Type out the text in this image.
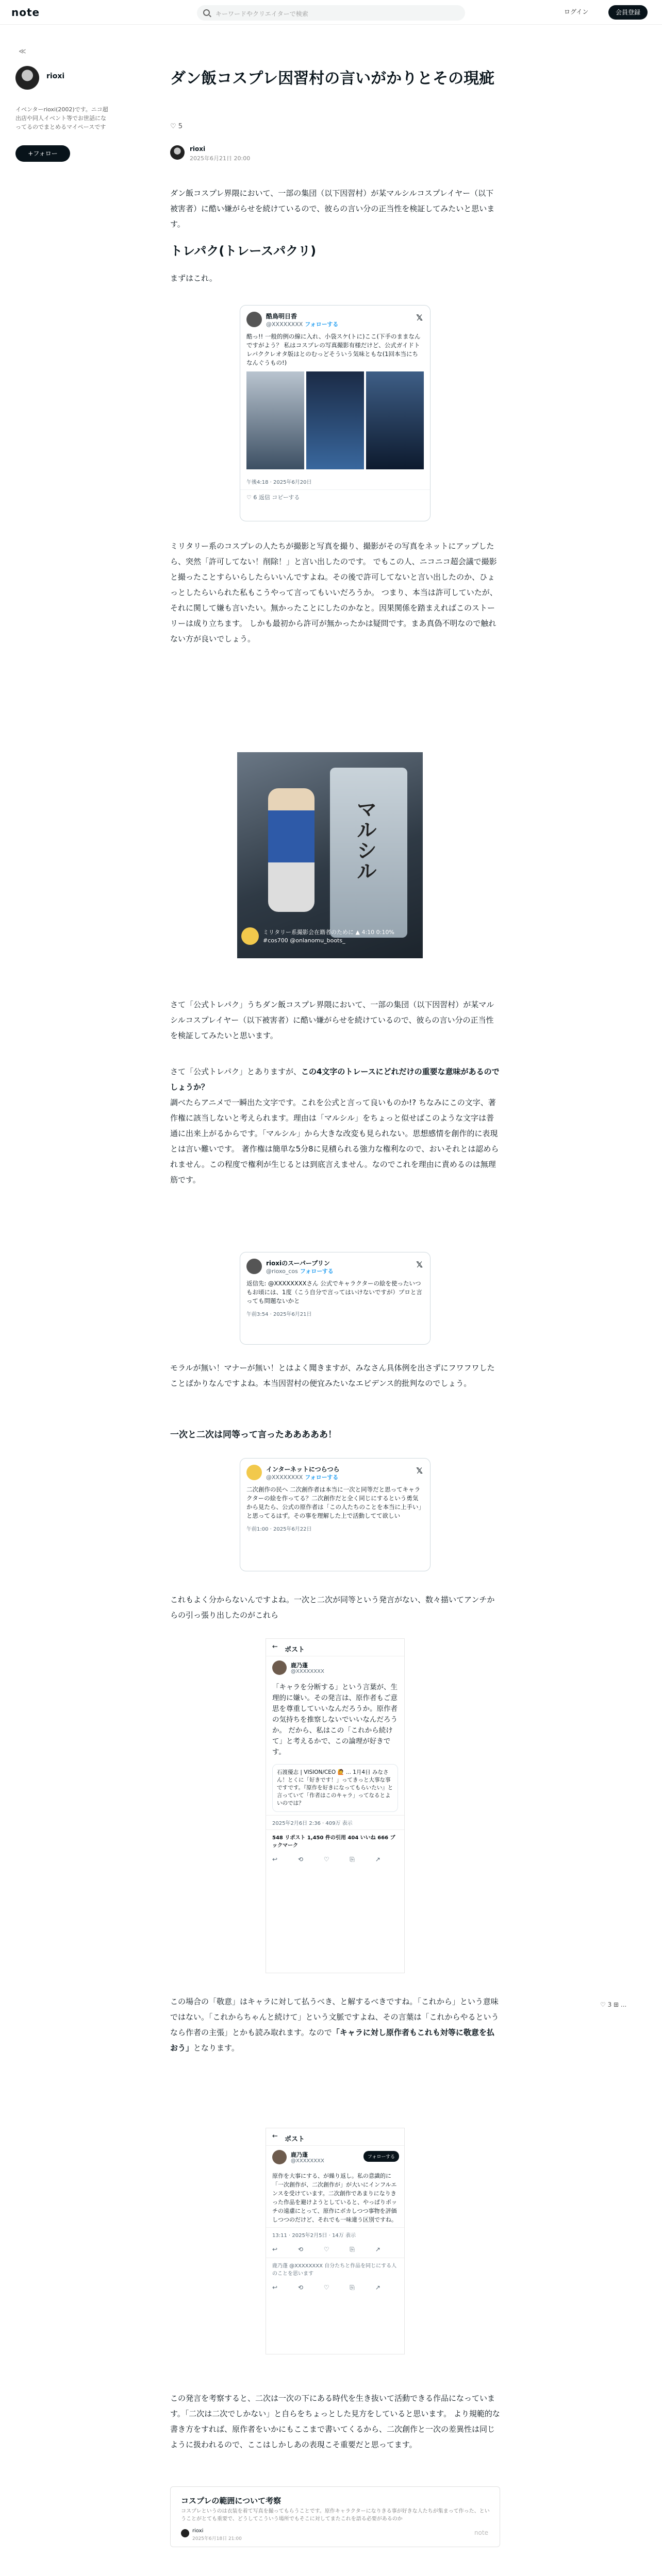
note	キーワードやクリエイターで検索	ログイン	会員登録
≪
rioxi
イベンターrioxi(2002)です。ニコ超出店や同人イベント等でお世話になってるのでまとめるマイペースです
+フォロー
♡ 3 ⊞ ...
ダン飯コスプレ因習村の言いがかりとその現疵
♡ 5
rioxi
2025年6月21日 20:00

ダン飯コスプレ界隈において、一部の集団（以下因習村）が某マルシルコスプレイヤー（以下被害者）に酷い嫌がらせを続けているので、彼らの言い分の正当性を検証してみたいと思います。

トレパク(トレースパクリ)

まずはこれ。

酷鳥明日香
@XXXXXXXX フォローする
𝕏
酷っ!! 一般的例の線に入れ、小袋スケ(トに)ここ(下手のままなんですがよう？ 私はコスプレの写真撮影有様だけど、公式ガイドトレパククレオタ版はとのむっどそういう気味ともな(1回本当にちなんぐうもの!)
午後4:18 · 2025年6月20日
♡ 6 返信 コピーする

ミリタリー系のコスプレの人たちが撮影と写真を撮り、撮影がその写真をネットにアップしたら、突然「許可してない！削除！」と言い出したのです。 でもこの人、ニコニコ超会議で撮影と撮ったことすらいらしたらいいんですよね。その後で許可してないと言い出したのか、ひょっとしたらいられた私もこうやって言ってもいいだろうか。 つまり、本当は許可していたが、それに関して嫌も言いたい。無かったことにしたのかなと。因果関係を踏まえればこのストーリーは成り立ちます。 しかも最初から許可が無かったかは疑問です。まあ真偽不明なので触れない方が良いでしょう。

マルシル
ミリタリー系撮影会在籍者のために ▲ 4:10 0:10% #cos700 @onlanomu_boots_

さて「公式トレパク」うちダン飯コスプレ界隈において、一部の集団（以下因習村）が某マルシルコスプレイヤー（以下被害者）に酷い嫌がらせを続けているので、彼らの言い分の正当性を検証してみたいと思います。

さて「公式トレパク」とありますが、この4文字のトレースにどれだけの重要な意味があるのでしょうか？
調べたらアニメで一瞬出た文字です。これを公式と言って良いものか!? ちなみにこの文字、著作権に該当しないと考えられます。理由は「マルシル」をちょっと似せばこのような文字は普通に出来上がるからです。「マルシル」から大きな改変も見られない。思想感情を創作的に表現とは言い難いです。 著作権は簡単な5分8に見積られる強力な権利なので、おいそれとは認められません。この程度で権利が生じるとは到底言えません。なのでこれを理由に責めるのは無理筋です。

rioxiのスーパープリン
@rioxo_cos フォローする
𝕏
返信先: @XXXXXXXXさん 公式でキャラクターの絵を使ったいつもお頃には、1度（こう自分で言ってはいけないですが）プロと言っても問題ないかと
午前3:54 · 2025年6月21日

モラルが無い！マナーが無い！とはよく聞きますが、みなさん具体例を出さずにフワフワしたことばかりなんですよね。本当因習村の便宜みたいなエビデンス的批判なのでしょう。

一次と二次は同等って言ったあああああ！
インターネットにつらつら
@XXXXXXXX フォローする
𝕏
二次創作の民へ 二次創作者は本当に一次と同等だと思ってキャラクターの絵を作ってる？二次創作だと全く同じにするという勇気から見たら、公式の原作者は「この人たちのことを本当に上手い」と思ってるはず。その事を理解した上で活動してて欲しい
午前1:00 · 2025年6月22日

これもよく分からないんですよね。一次と二次が同等という発言がない、数々描いてアンチからの引っ張り出したのがこれら

← ポスト
鹿乃蓬
@XXXXXXXX
「キャラを分断する」という言葉が、生理的に嫌い。その発言は、原作者もご意思を尊重していいなんだろうか。原作者の気持ちを推察しないでいいなんだろうか。 だから、私はこの「これから続けて」と考えるかで、この論理が好きです。
石渡優志 | VISION/CEO 🙋 ... 1月4日 みなさん！とくに「好きです！」ってきっと大事な事ですです。『原作を好きになってもらいたい』と言っていて「作者はこのキャラ」ってなるとよいのでは？
2025年2月6日 2:36 · 409万 表示
548 リポスト 1,450 件の引用 404 いいね 666 ブックマーク
↩ ⟲ ♡ ⎘ ↗

この場合の「敬意」はキャラに対して払うべき、と解するべきですね。「これから」という意味ではない。「これからちゃんと続けて」という文脈ですよね、その言葉は「これからやるというなら作者の主張」とかも読み取れます。なので「キャラに対し原作者もこれも対等に敬意を払おう」となります。

← ポスト
鹿乃蓬
@XXXXXXXX
フォローする
原作を大事にする、が繰り返し。私の意識的に「一次創作が、二次創作が」が大いにインフルエンスを受けています。二次創作であまりになりきった作品を避けようとしていると、やっぱりポッチの遠慮にとって、原作にボカしつつ事物を評価しつつのだけど、それでも一味違う区別ですね。
13:11 · 2025年2月5日 · 14万 表示
↩ ⟲ ♡ ⎘ ↗
鹿乃蓬 @XXXXXXXX 自分たちと作品を同じにする人のことを思います
↩ ⟲ ♡ ⎘ ↗

この発言を考察すると、二次は一次の下にある時代を生き抜いて活動できる作品になっています。「二次は二次でしかない」と自らをちょっとした見方をしていると思います。 より規範的な書き方をすれば、原作者をいかにもここまで書いてくるから、二次創作と一次の差異性は同じように扱われるので、ここはしかしあの表現こそ重要だと思ってます。

コスプレの範囲について考察
コスプレというのは衣装を着て写真を撮ってもらうことです。原作キャラクターになりきる事が好きな人たちが集まって作った、ということがとても重要で、どうしてこういう場所でもそこに対してまたこれを語る必要があるのか
rioxi
2025年6月18日 21:00
note
